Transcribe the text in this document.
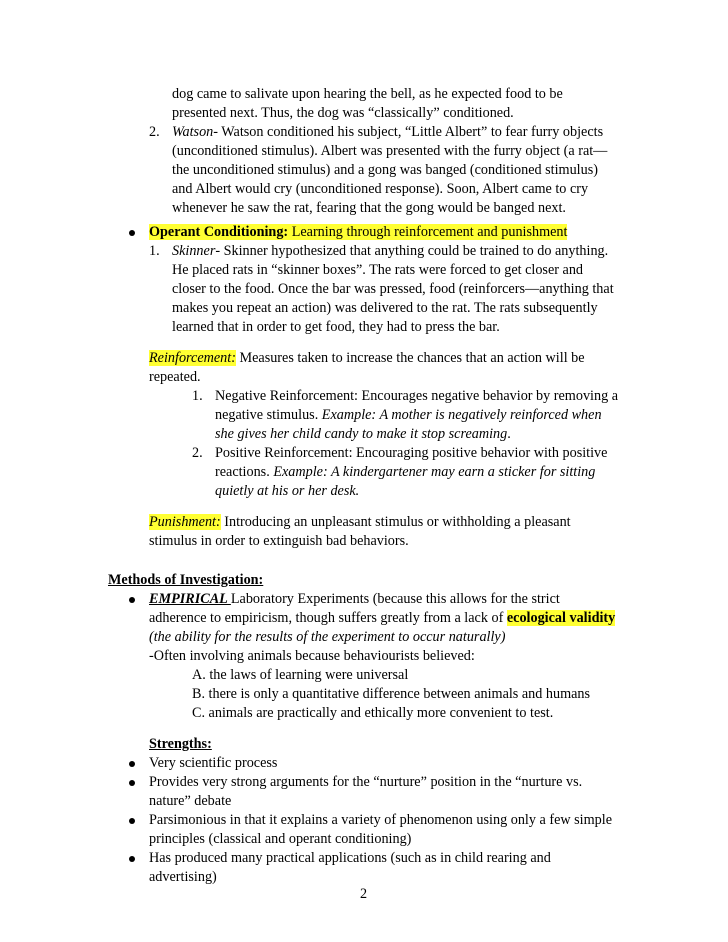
dog came to salivate upon hearing the bell, as he expected food to be
presented next. Thus, the dog was “classically” conditioned.
2. Watson- Watson conditioned his subject, “Little Albert” to fear furry objects
(unconditioned stimulus). Albert was presented with the furry object (a rat—
the unconditioned stimulus) and a gong was banged (conditioned stimulus)
and Albert would cry (unconditioned response). Soon, Albert came to cry
whenever he saw the rat, fearing that the gong would be banged next.
Operant Conditioning: Learning through reinforcement and punishment
1. Skinner- Skinner hypothesized that anything could be trained to do anything.
He placed rats in “skinner boxes”. The rats were forced to get closer and
closer to the food. Once the bar was pressed, food (reinforcers—anything that
makes you repeat an action) was delivered to the rat. The rats subsequently
learned that in order to get food, they had to press the bar.
Reinforcement: Measures taken to increase the chances that an action will be
repeated.
1. Negative Reinforcement: Encourages negative behavior by removing a
negative stimulus. Example: A mother is negatively reinforced when
she gives her child candy to make it stop screaming.
2. Positive Reinforcement: Encouraging positive behavior with positive
reactions. Example: A kindergartener may earn a sticker for sitting
quietly at his or her desk.
Punishment: Introducing an unpleasant stimulus or withholding a pleasant
stimulus in order to extinguish bad behaviors.
Methods of Investigation:
EMPIRICAL Laboratory Experiments (because this allows for the strict
adherence to empiricism, though suffers greatly from a lack of ecological validity
(the ability for the results of the experiment to occur naturally)
-Often involving animals because behaviourists believed:
A. the laws of learning were universal
B. there is only a quantitative difference between animals and humans
C. animals are practically and ethically more convenient to test.
Strengths:
Very scientific process
Provides very strong arguments for the “nurture” position in the “nurture vs.
nature” debate
Parsimonious in that it explains a variety of phenomenon using only a few simple
principles (classical and operant conditioning)
Has produced many practical applications (such as in child rearing and
advertising)
2
